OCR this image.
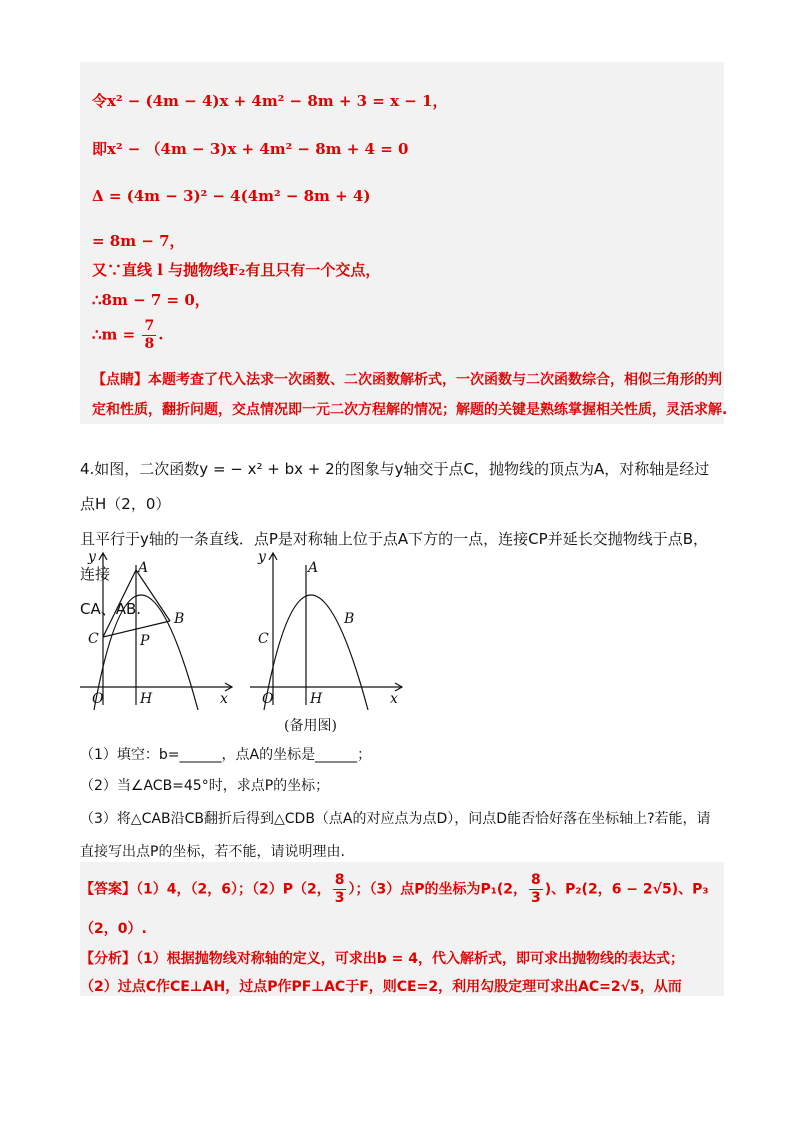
令x² − (4m − 4)x + 4m² − 8m + 3 = x − 1，
即x² − （4m − 3)x + 4m² − 8m + 4 = 0
Δ = (4m − 3)² − 4(4m² − 8m + 4)
= 8m − 7，
又∵直线 l 与抛物线F₂有且只有一个交点，
∴8m − 7 = 0，
∴m = $\frac{7}{8}$ .
【点睛】本题考查了代入法求一次函数、二次函数解析式，一次函数与二次函数综合，相似三角形的判
定和性质，翻折问题，交点情况即一元二次方程解的情况；解题的关键是熟练掌握相关性质，灵活求解.
4.如图，二次函数y = − x² + bx + 2的图象与y轴交于点C，抛物线的顶点为A，对称轴是经过点H（2，0）
且平行于y轴的一条直线．点P是对称轴上位于点A下方的一点，连接CP并延长交抛物线于点B，连接
CA、AB.
y
x
A
B
C	P
O	H
y
x
A
B
C
O	H
(备用图)
（1）填空：b=______，点A的坐标是______；
（2）当∠ACB=45°时，求点P的坐标；
（3）将△CAB沿CB翻折后得到△CDB（点A的对应点为点D），问点D能否恰好落在坐标轴上?若能，请
直接写出点P的坐标，若不能，请说明理由.
【答案】（1）4，（2，6）；（2）P（2， $\frac{8}{3}$ ）；（3）点P的坐标为P₁(2， $\frac{8}{3}$ )、P₂(2，6 − 2√5)、P₃
（2，0）.
【分析】（1）根据抛物线对称轴的定义，可求出b = 4，代入解析式，即可求出抛物线的表达式；
（2）过点C作CE⊥AH，过点P作PF⊥AC于F，则CE=2，利用勾股定理可求出AC=2√5，从而
